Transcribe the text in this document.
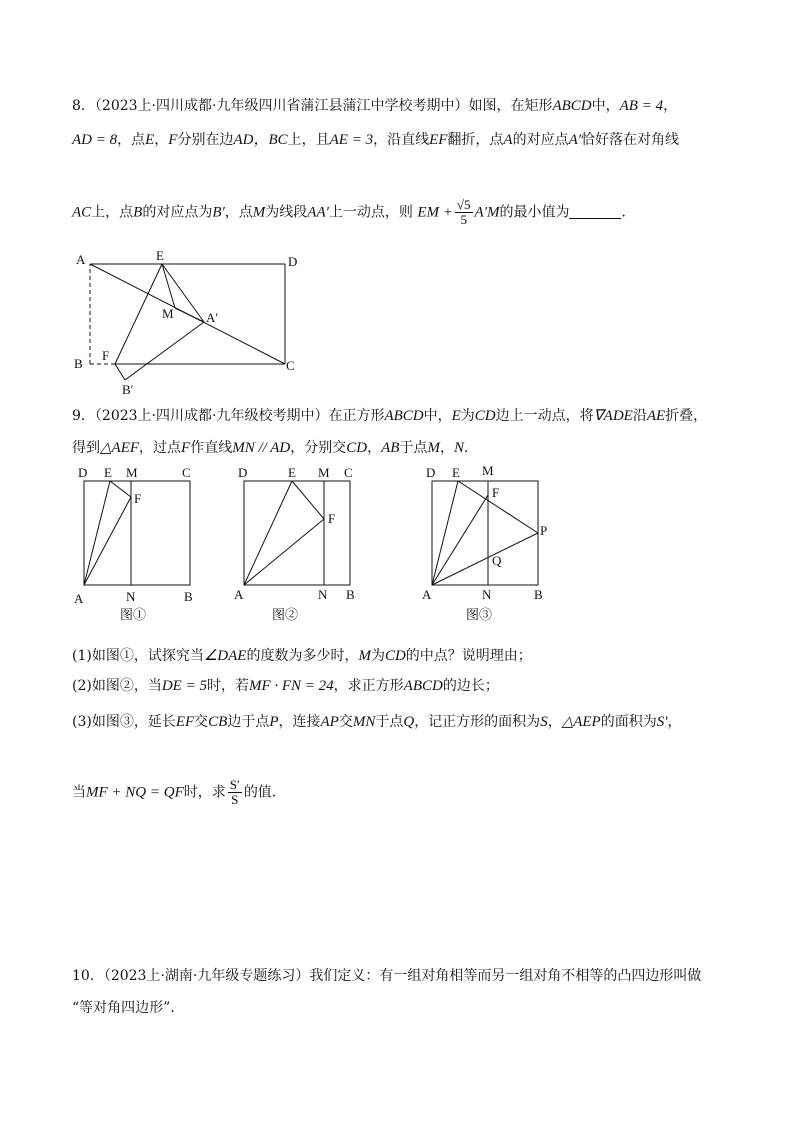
8．（2023上·四川成都·九年级四川省蒲江县蒲江中学校考期中）如图，在矩形ABCD中，AB = 4，
AD = 8，点E，F分别在边AD，BC上，且AE = 3，沿直线EF翻折，点A的对应点A′恰好落在对角线
AC上，点B的对应点为B′，点M为线段AA′上一动点，则 EM + $\frac{√5}{5} A'M$的最小值为	．
A	E	D
M A′
B
F
C
B′
9．（2023上·四川成都·九年级校考期中）在正方形ABCD中，E为CD边上一动点，将∇ADE沿AE折叠，
得到△AEF，过点F作直线MN // AD，分别交CD，AB于点M，N．
D E M	C
F
A	N	B
图①
D	E M C
F
A	N B
图②
D E M
F
P
Q
A	N	B
图③
(1)如图①，试探究当∠DAE的度数为多少时，M为CD的中点？说明理由；
(2)如图②，当DE = 5时，若MF · FN = 24，求正方形ABCD的边长；
(3)如图③，延长EF交CB边于点P，连接AP交MN于点Q，记正方形的面积为S，△AEP的面积为S′，
当MF + NQ = QF时，求 $\frac{S'}{S}$ 的值.
10．（2023上·湖南·九年级专题练习）我们定义：有一组对角相等而另一组对角不相等的凸四边形叫做
“等对角四边形”．
